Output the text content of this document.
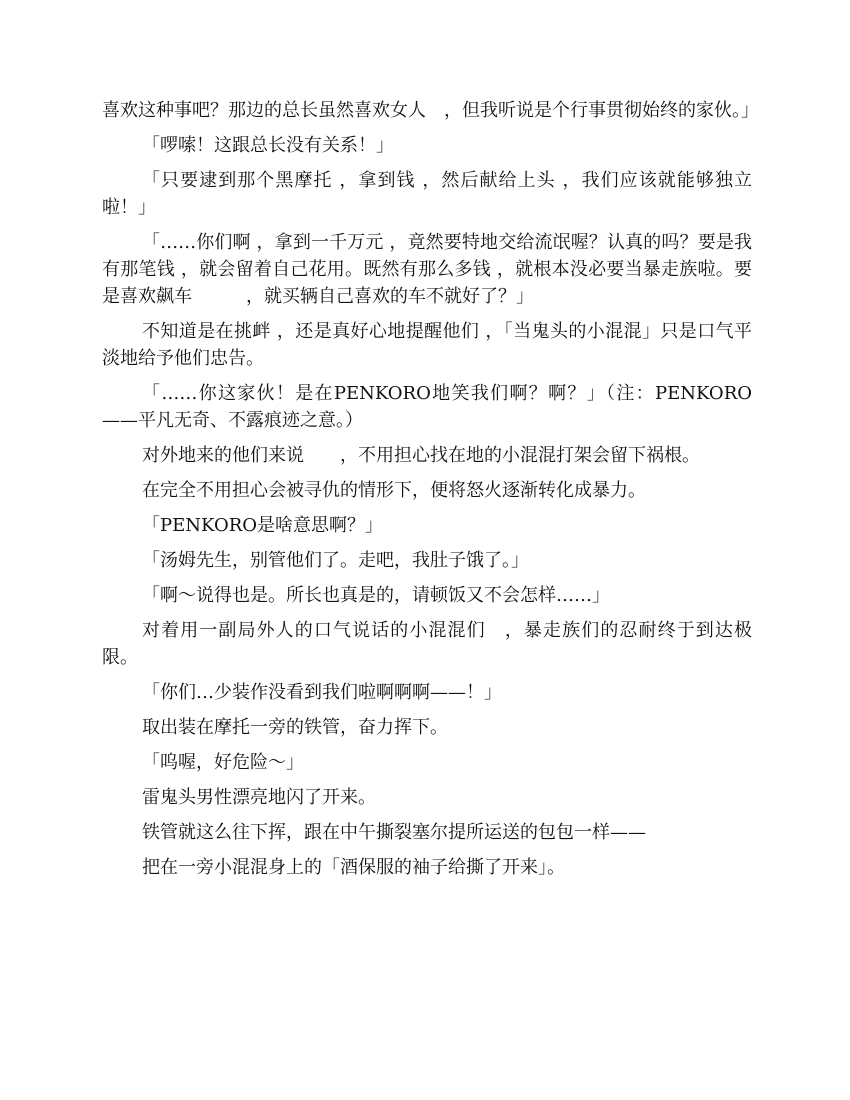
喜欢这种事吧？那边的总长虽然喜欢女人　，但我听说是个行事贯彻始终的家伙。」

「啰嗦！这跟总长没有关系！」

「只要逮到那个黑摩托 ，拿到钱 ，然后献给上头 ，我们应该就能够独立啦！」

「……你们啊 ，拿到一千万元 ，竟然要特地交给流氓喔？认真的吗？要是我有那笔钱 ，就会留着自己花用。既然有那么多钱 ，就根本没必要当暴走族啦。要是喜欢飙车　　　，就买辆自己喜欢的车不就好了？」

不知道是在挑衅 ，还是真好心地提醒他们 ，「当鬼头的小混混」只是口气平淡地给予他们忠告。

「……你这家伙！是在PENKORO地笑我们啊？啊？」（注：PENKORO——平凡无奇、不露痕迹之意。）

对外地来的他们来说　　，不用担心找在地的小混混打架会留下祸根。

在完全不用担心会被寻仇的情形下，便将怒火逐渐转化成暴力。

「PENKORO是啥意思啊？」

「汤姆先生，别管他们了。走吧，我肚子饿了。」

「啊～说得也是。所长也真是的，请顿饭又不会怎样……」

对着用一副局外人的口气说话的小混混们　，暴走族们的忍耐终于到达极限。

「你们…少装作没看到我们啦啊啊啊——！」

取出装在摩托一旁的铁管，奋力挥下。

「呜喔，好危险～」

雷鬼头男性漂亮地闪了开来。

铁管就这么往下挥，跟在中午撕裂塞尔提所运送的包包一样——

把在一旁小混混身上的「酒保服的袖子给撕了开来」。
